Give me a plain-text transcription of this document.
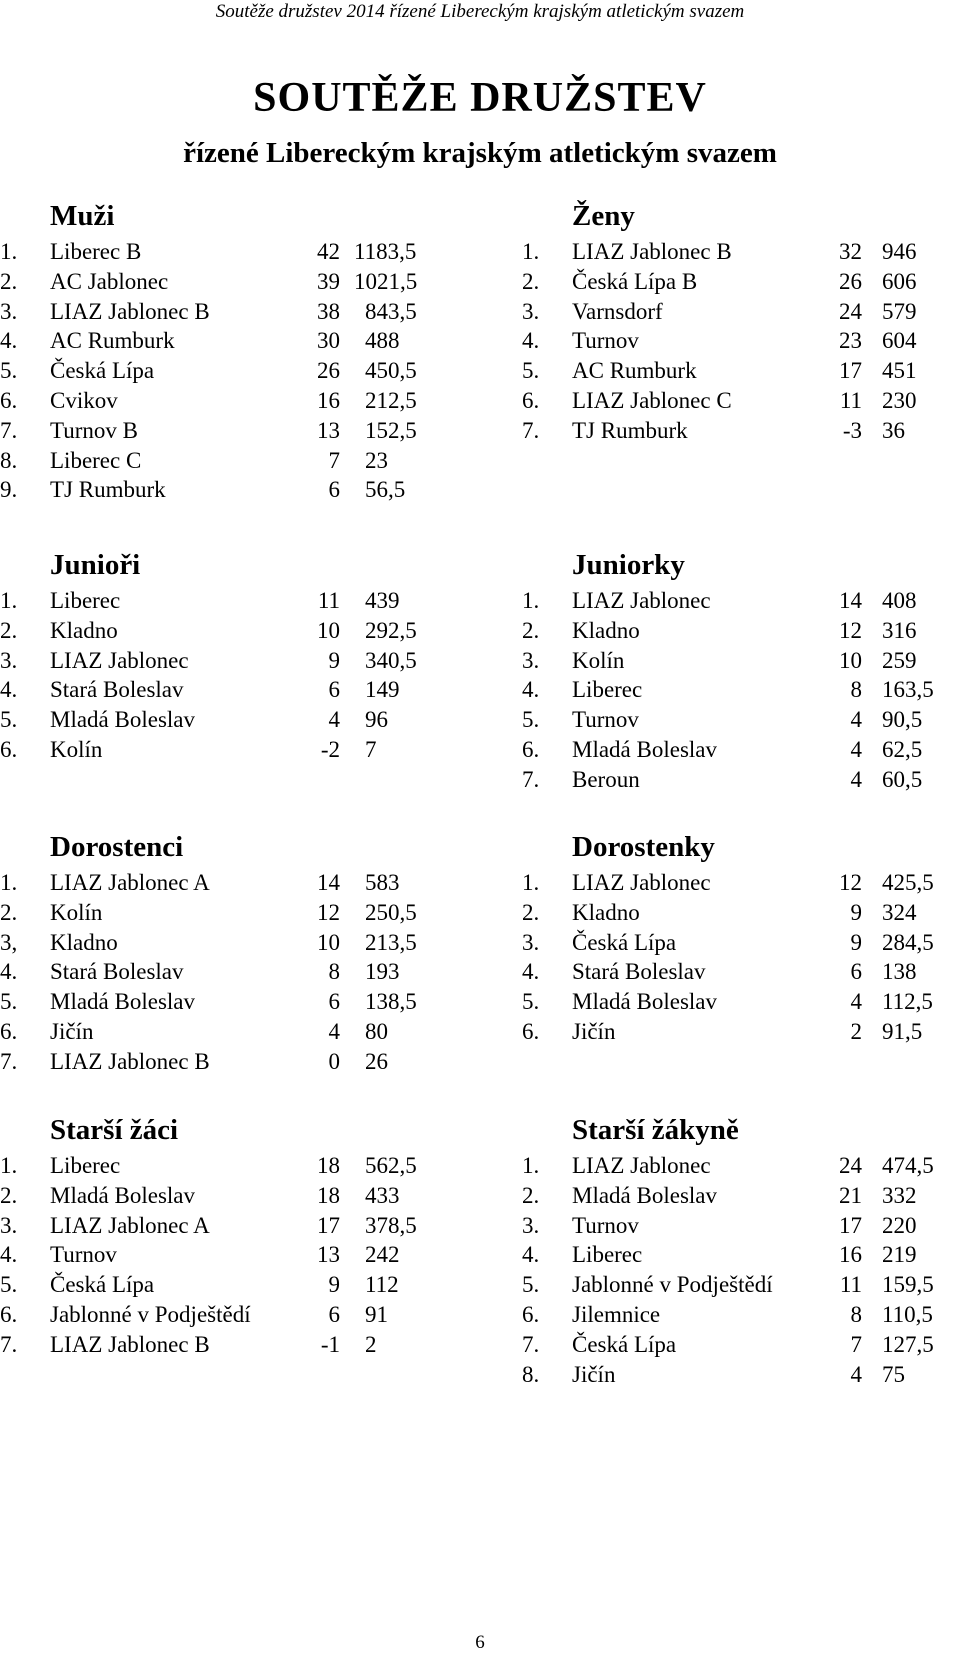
Soutěže družstev 2014 řízené Libereckým krajským atletickým svazem
SOUTĚŽE DRUŽSTEV
řízené Libereckým krajským atletickým svazem
Muži
1. Liberec B	42 1183,5
2. AC Jablonec	39 1021,5
3. LIAZ Jablonec B	38 843,5
4. AC Rumburk	30 488
5. Česká Lípa	26 450,5
6. Cvikov	16 212,5
7. Turnov B	13 152,5
8. Liberec C	7 23
9. TJ Rumburk	6 56,5
Ženy
1. LIAZ Jablonec B	32 946
2. Česká Lípa B	26 606
3. Varnsdorf	24 579
4. Turnov	23 604
5. AC Rumburk	17 451
6. LIAZ Jablonec C	11 230
7. TJ Rumburk	-3 36
Junioři
1. Liberec	11 439
2. Kladno	10 292,5
3. LIAZ Jablonec	9 340,5
4. Stará Boleslav	6 149
5. Mladá Boleslav	4 96
6. Kolín	-2 7
Juniorky
1. LIAZ Jablonec	14 408
2. Kladno	12 316
3. Kolín	10 259
4. Liberec	8 163,5
5. Turnov	4 90,5
6. Mladá Boleslav	4 62,5
7. Beroun	4 60,5
Dorostenci
1. LIAZ Jablonec A	14 583
2. Kolín	12 250,5
3, Kladno	10 213,5
4. Stará Boleslav	8 193
5. Mladá Boleslav	6 138,5
6. Jičín	4 80
7. LIAZ Jablonec B	0 26
Dorostenky
1. LIAZ Jablonec	12 425,5
2. Kladno	9 324
3. Česká Lípa	9 284,5
4. Stará Boleslav	6 138
5. Mladá Boleslav	4 112,5
6. Jičín	2 91,5
Starší žáci
1. Liberec	18 562,5
2. Mladá Boleslav	18 433
3. LIAZ Jablonec A	17 378,5
4. Turnov	13 242
5. Česká Lípa	9 112
6. Jablonné v Podještědí	6 91
7. LIAZ Jablonec B	-1 2
Starší žákyně
1. LIAZ Jablonec	24 474,5
2. Mladá Boleslav	21 332
3. Turnov	17 220
4. Liberec	16 219
5. Jablonné v Podještědí	11 159,5
6. Jilemnice	8 110,5
7. Česká Lípa	7 127,5
8. Jičín	4 75
6
